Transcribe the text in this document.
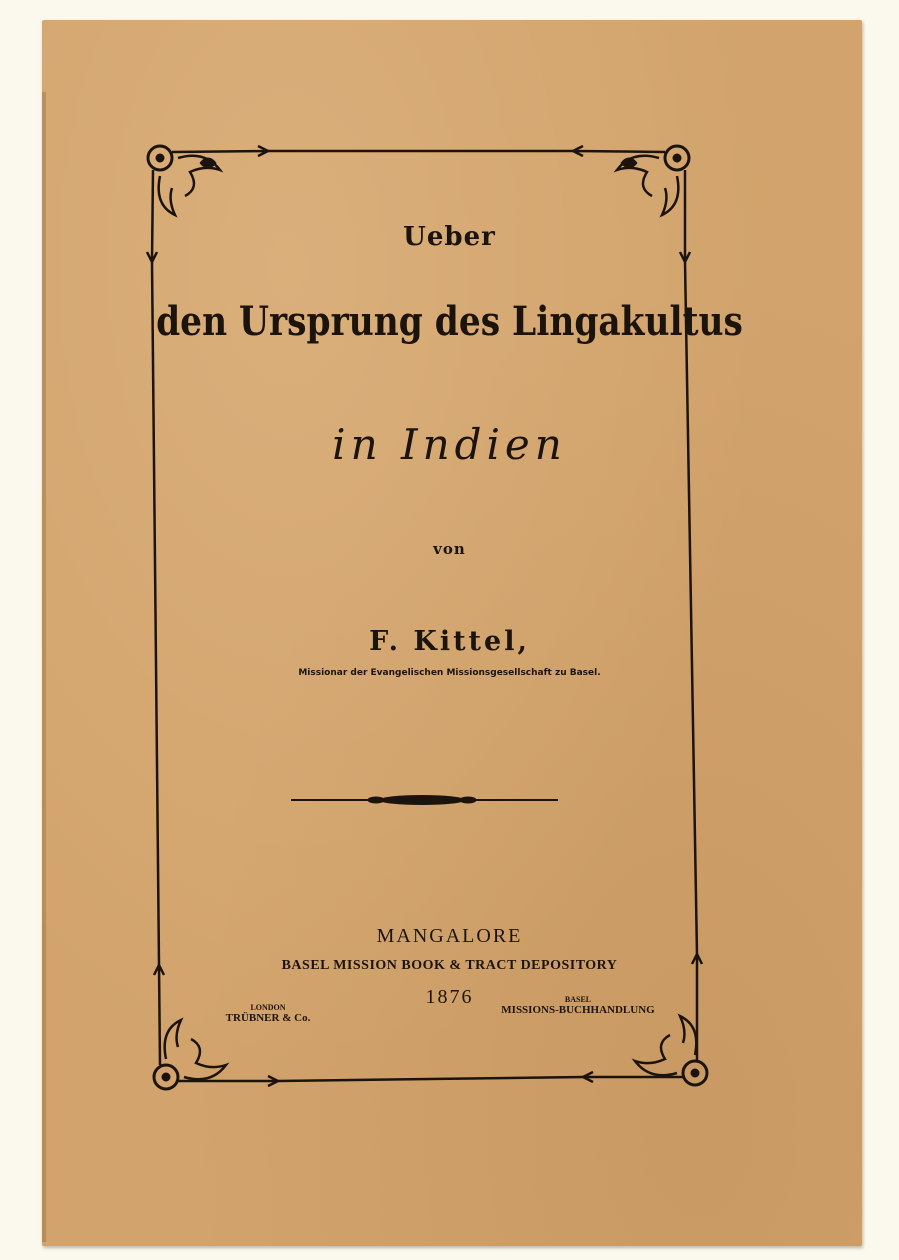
Ueber
den Ursprung des Lingakultus
in Indien
von
F. Kittel,
Missionar der Evangelischen Missionsgesellschaft zu Basel.
MANGALORE
BASEL MISSION BOOK & TRACT DEPOSITORY
1876
LONDON
TRÜBNER & Co.
BASEL
MISSIONS-BUCHHANDLUNG
